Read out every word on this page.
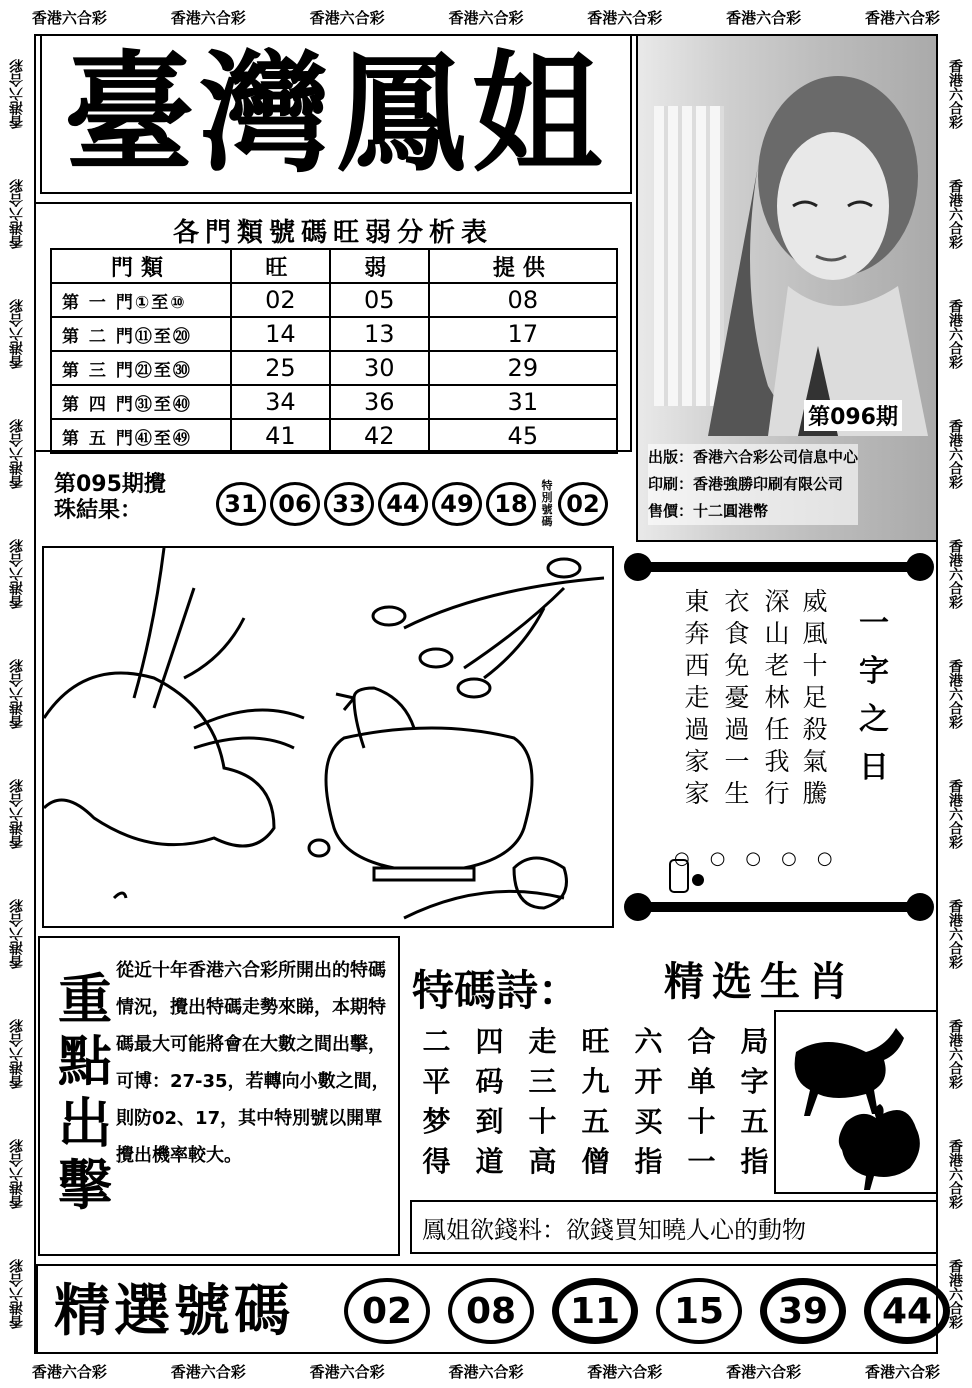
香港六合彩	香港六合彩	香港六合彩	香港六合彩	香港六合彩	香港六合彩	香港六合彩
香港六合彩	香港六合彩	香港六合彩	香港六合彩	香港六合彩	香港六合彩	香港六合彩
香港六合彩
香港六合彩
香港六合彩
香港六合彩
香港六合彩
香港六合彩
香港六合彩
香港六合彩
香港六合彩
香港六合彩
香港六合彩
香港六合彩
香港六合彩
香港六合彩
香港六合彩
香港六合彩
香港六合彩
香港六合彩
香港六合彩
香港六合彩
香港六合彩
香港六合彩
臺灣鳳姐
第096期
出版：香港六合彩公司信息中心
印刷：香港強勝印刷有限公司
售價：十二圓港幣
各門類號碼旺弱分析表
門類	旺	弱	提供
第 一 門①至⑩	02	05	08
第 二 門⑪至⑳	14	13	17
第 三 門㉑至㉚	25	30	29
第 四 門㉛至㊵	34	36	31
第 五 門㊶至㊾	41	42	45
第095期攪
珠結果：	31 06 33 44 49 18
特別號碼
02
威風十足殺氣騰
深山老林任我行
衣食免憂過一生
東奔西走過家家
一字之日
○○○○○
重點出擊
從近十年香港六合彩所開出的特碼情況，攪出特碼走勢來睇，本期特碼最大可能將會在大數之間出擊，可博：27-35，若轉向小數之間，則防02、17，其中特別號以開單攪出機率較大。
特碼詩： 精选生肖
二 四 走 旺 六 合 局
平 码 三 九 开 单 字
梦 到 十 五 买 十 五
得 道 高 僧 指 一 指
鳳姐欲錢料：欲錢買知曉人心的動物
精選號碼	02	08	11	15	39	44
